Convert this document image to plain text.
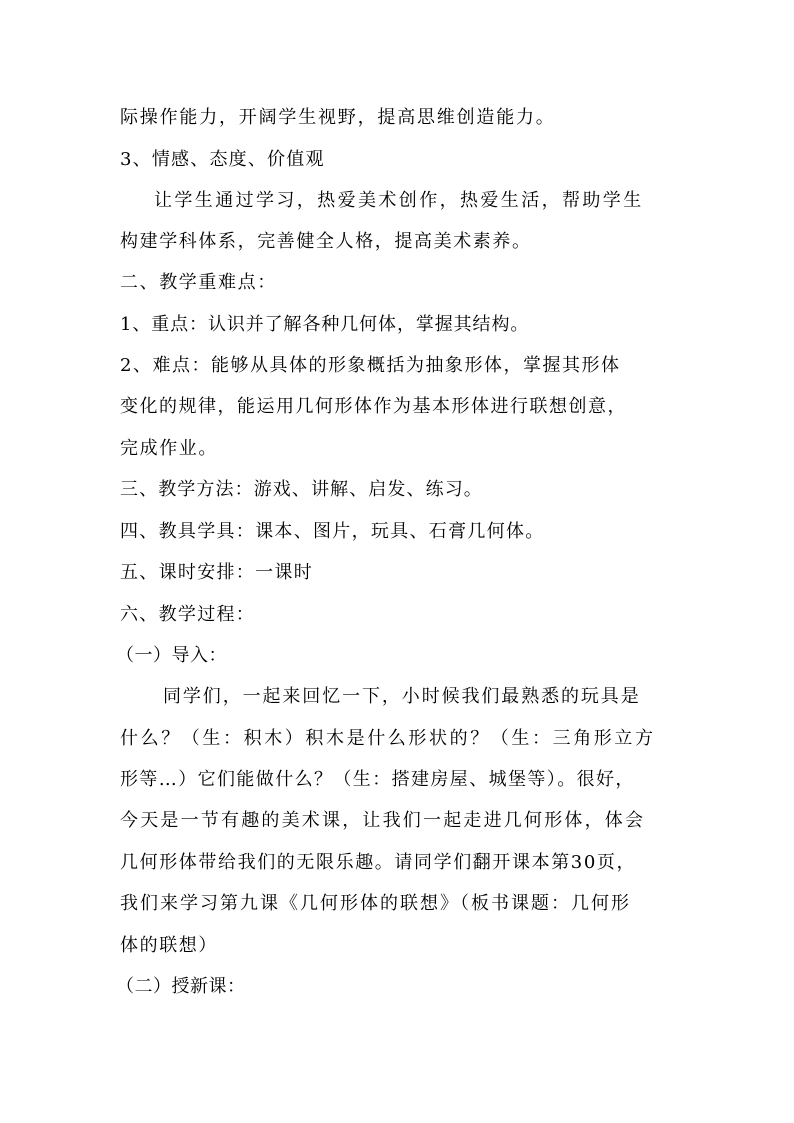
际操作能力，开阔学生视野，提高思维创造能力。
3、情感、态度、价值观
让学生通过学习，热爱美术创作，热爱生活，帮助学生
构建学科体系，完善健全人格，提高美术素养。
二、教学重难点：
1、重点：认识并了解各种几何体，掌握其结构。
2、难点：能够从具体的形象概括为抽象形体，掌握其形体
变化的规律，能运用几何形体作为基本形体进行联想创意，
完成作业。
三、教学方法：游戏、讲解、启发、练习。
四、教具学具：课本、图片，玩具、石膏几何体。
五、课时安排：一课时
六、教学过程：
（一）导入：
同学们，一起来回忆一下，小时候我们最熟悉的玩具是
什么？（生：积木）积木是什么形状的？（生：三角形立方
形等…）它们能做什么？（生：搭建房屋、城堡等）。很好，
今天是一节有趣的美术课，让我们一起走进几何形体，体会
几何形体带给我们的无限乐趣。请同学们翻开课本第30页，
我们来学习第九课《几何形体的联想》（板书课题：几何形
体的联想）
（二）授新课：
